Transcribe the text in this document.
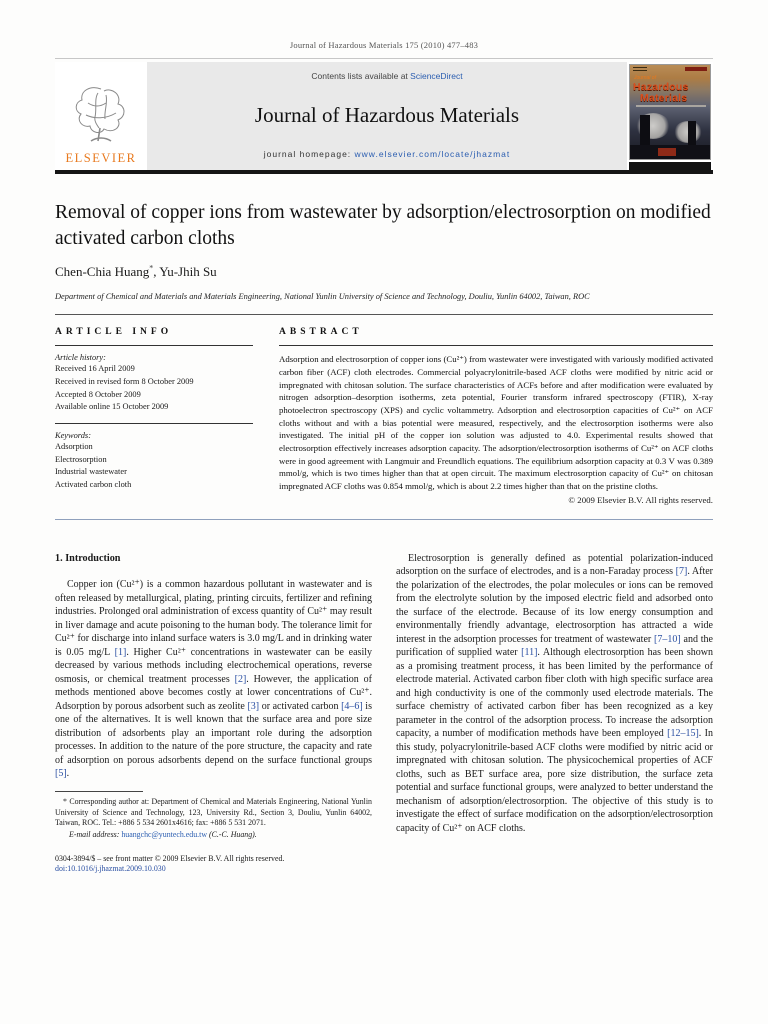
Journal of Hazardous Materials 175 (2010) 477–483
ELSEVIER
Contents lists available at ScienceDirect
Journal of Hazardous Materials
journal homepage: www.elsevier.com/locate/jhazmat
Journal of
Hazardous
Materials
Removal of copper ions from wastewater by adsorption/electrosorption on modified activated carbon cloths
Chen-Chia Huang*, Yu-Jhih Su
Department of Chemical and Materials and Materials Engineering, National Yunlin University of Science and Technology, Douliu, Yunlin 64002, Taiwan, ROC
ARTICLE INFO
Article history:
Received 16 April 2009
Received in revised form 8 October 2009
Accepted 8 October 2009
Available online 15 October 2009
Keywords:
Adsorption
Electrosorption
Industrial wastewater
Activated carbon cloth
ABSTRACT
Adsorption and electrosorption of copper ions (Cu²⁺) from wastewater were investigated with variously modified activated carbon fiber (ACF) cloth electrodes. Commercial polyacrylonitrile-based ACF cloths were modified by nitric acid or impregnated with chitosan solution. The surface characteristics of ACFs before and after modification were evaluated by nitrogen adsorption–desorption isotherms, zeta potential, Fourier transform infrared spectroscopy (FTIR), X-ray photoelectron spectroscopy (XPS) and cyclic voltammetry. Adsorption and electrosorption capacities of Cu²⁺ on ACF cloths without and with a bias potential were measured, respectively, and the electrosorption isotherms were also investigated. The initial pH of the copper ion solution was adjusted to 4.0. Experimental results showed that electrosorption effectively increases adsorption capacity. The adsorption/electrosorption isotherms of Cu²⁺ on ACF cloths were in good agreement with Langmuir and Freundlich equations. The equilibrium adsorption capacity at 0.3 V was 0.389 mmol/g, which is two times higher than that at open circuit. The maximum electrosorption capacity of Cu²⁺ on chitosan impregnated ACF cloths was 0.854 mmol/g, which is about 2.2 times higher than that on the pristine cloths.
© 2009 Elsevier B.V. All rights reserved.
1. Introduction

Copper ion (Cu²⁺) is a common hazardous pollutant in wastewater and is often released by metallurgical, plating, printing circuits, fertilizer and refining industries. Prolonged oral administration of excess quantity of Cu²⁺ may result in liver damage and acute poisoning to the human body. The tolerance limit for Cu²⁺ for discharge into inland surface waters is 3.0 mg/L and in drinking water is 0.05 mg/L [1]. Higher Cu²⁺ concentrations in wastewater can be easily decreased by various methods including electrochemical operations, reverse osmosis, or chemical treatment processes [2]. However, the application of methods mentioned above becomes costly at lower concentrations of Cu²⁺. Adsorption by porous adsorbent such as zeolite [3] or activated carbon [4–6] is one of the alternatives. It is well known that the surface area and pore size distribution of adsorbents play an important role during the adsorption processes. In addition to the nature of the pore structure, the capacity and rate of adsorption on porous adsorbents depend on the surface functional groups [5].

* Corresponding author at: Department of Chemical and Materials Engineering, National Yunlin University of Science and Technology, 123, University Rd., Section 3, Douliu, Yunlin 64002, Taiwan, ROC. Tel.: +886 5 534 2601x4616; fax: +886 5 531 2071.

E-mail address: huangchc@yuntech.edu.tw (C.-C. Huang).

0304-3894/$ – see front matter © 2009 Elsevier B.V. All rights reserved.
doi:10.1016/j.jhazmat.2009.10.030

Electrosorption is generally defined as potential polarization-induced adsorption on the surface of electrodes, and is a non-Faraday process [7]. After the polarization of the electrodes, the polar molecules or ions can be removed from the electrolyte solution by the imposed electric field and adsorbed onto the surface of the electrode. Because of its low energy consumption and environmentally friendly advantage, electrosorption has attracted a wide interest in the adsorption processes for treatment of wastewater [7–10] and the purification of supplied water [11]. Although electrosorption has been shown as a promising treatment process, it has been limited by the performance of electrode material. Activated carbon fiber cloth with high specific surface area and high conductivity is one of the commonly used electrode materials. The surface chemistry of activated carbon fiber has been recognized as a key parameter in the control of the adsorption process. To increase the adsorption capacity, a number of modification methods have been employed [12–15]. In this study, polyacrylonitrile-based ACF cloths were modified by nitric acid or impregnated with chitosan solution. The physicochemical properties of ACF cloths, such as BET surface area, pore size distribution, the surface zeta potential and surface functional groups, were analyzed to better understand the mechanism of adsorption/electrosorption. The objective of this study is to investigate the effect of surface modification on the adsorption/electrosorption capacity of Cu²⁺ on ACF cloths.
